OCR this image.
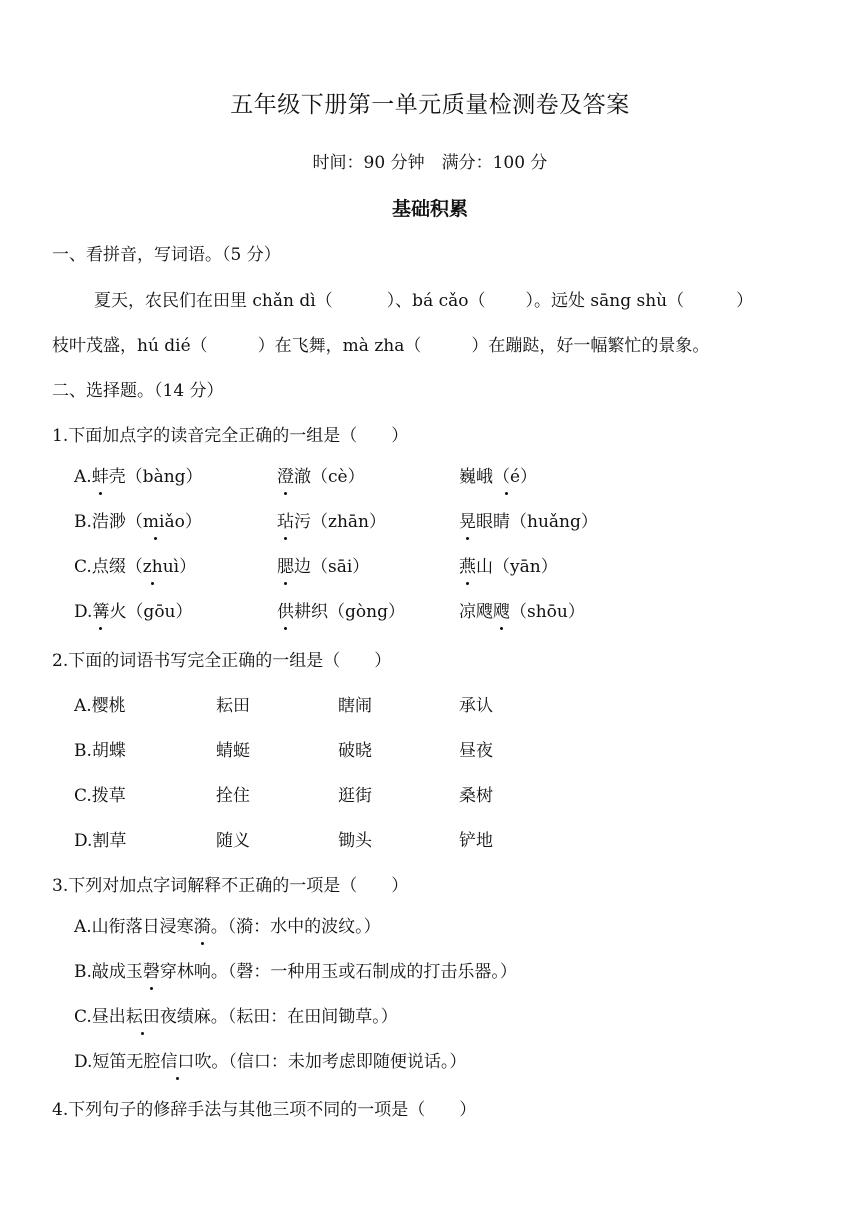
五年级下册第一单元质量检测卷及答案
时间：90 分钟　满分：100 分
基础积累
一、看拼音，写词语。（5 分）
夏天，农民们在田里 chǎn dì（	）、bá cǎo（ ）。远处 sāng shù（	）
枝叶茂盛，hú dié（	）在飞舞，mà zha（	）在蹦跶，好一幅繁忙的景象。
二、选择题。（14 分）
1.下面加点字的读音完全正确的一组是（　　）
A.蚌壳（bàng）	澄澈（cè）	巍峨（é）
B.浩渺（miǎo）	玷污（zhān）	晃眼睛（huǎng）
C.点缀（zhuì）	腮边（sāi）	燕山（yān）
D.篝火（gōu）	供耕织（gòng）	凉飕飕（shōu）
2.下面的词语书写完全正确的一组是（　　）
A.樱桃	耘田	瞎闹	承认
B.胡蝶	蜻蜓	破晓	昼夜
C.拨草	拴住	逛街	桑树
D.割草	随义	锄头	铲地
3.下列对加点字词解释不正确的一项是（　　）
A.山衔落日浸寒漪。（漪：水中的波纹。）
B.敲成玉磬穿林响。（磬：一种用玉或石制成的打击乐器。）
C.昼出耘田夜绩麻。（耘田：在田间锄草。）
D.短笛无腔信口吹。（信口：未加考虑即随便说话。）
4.下列句子的修辞手法与其他三项不同的一项是（　　）
